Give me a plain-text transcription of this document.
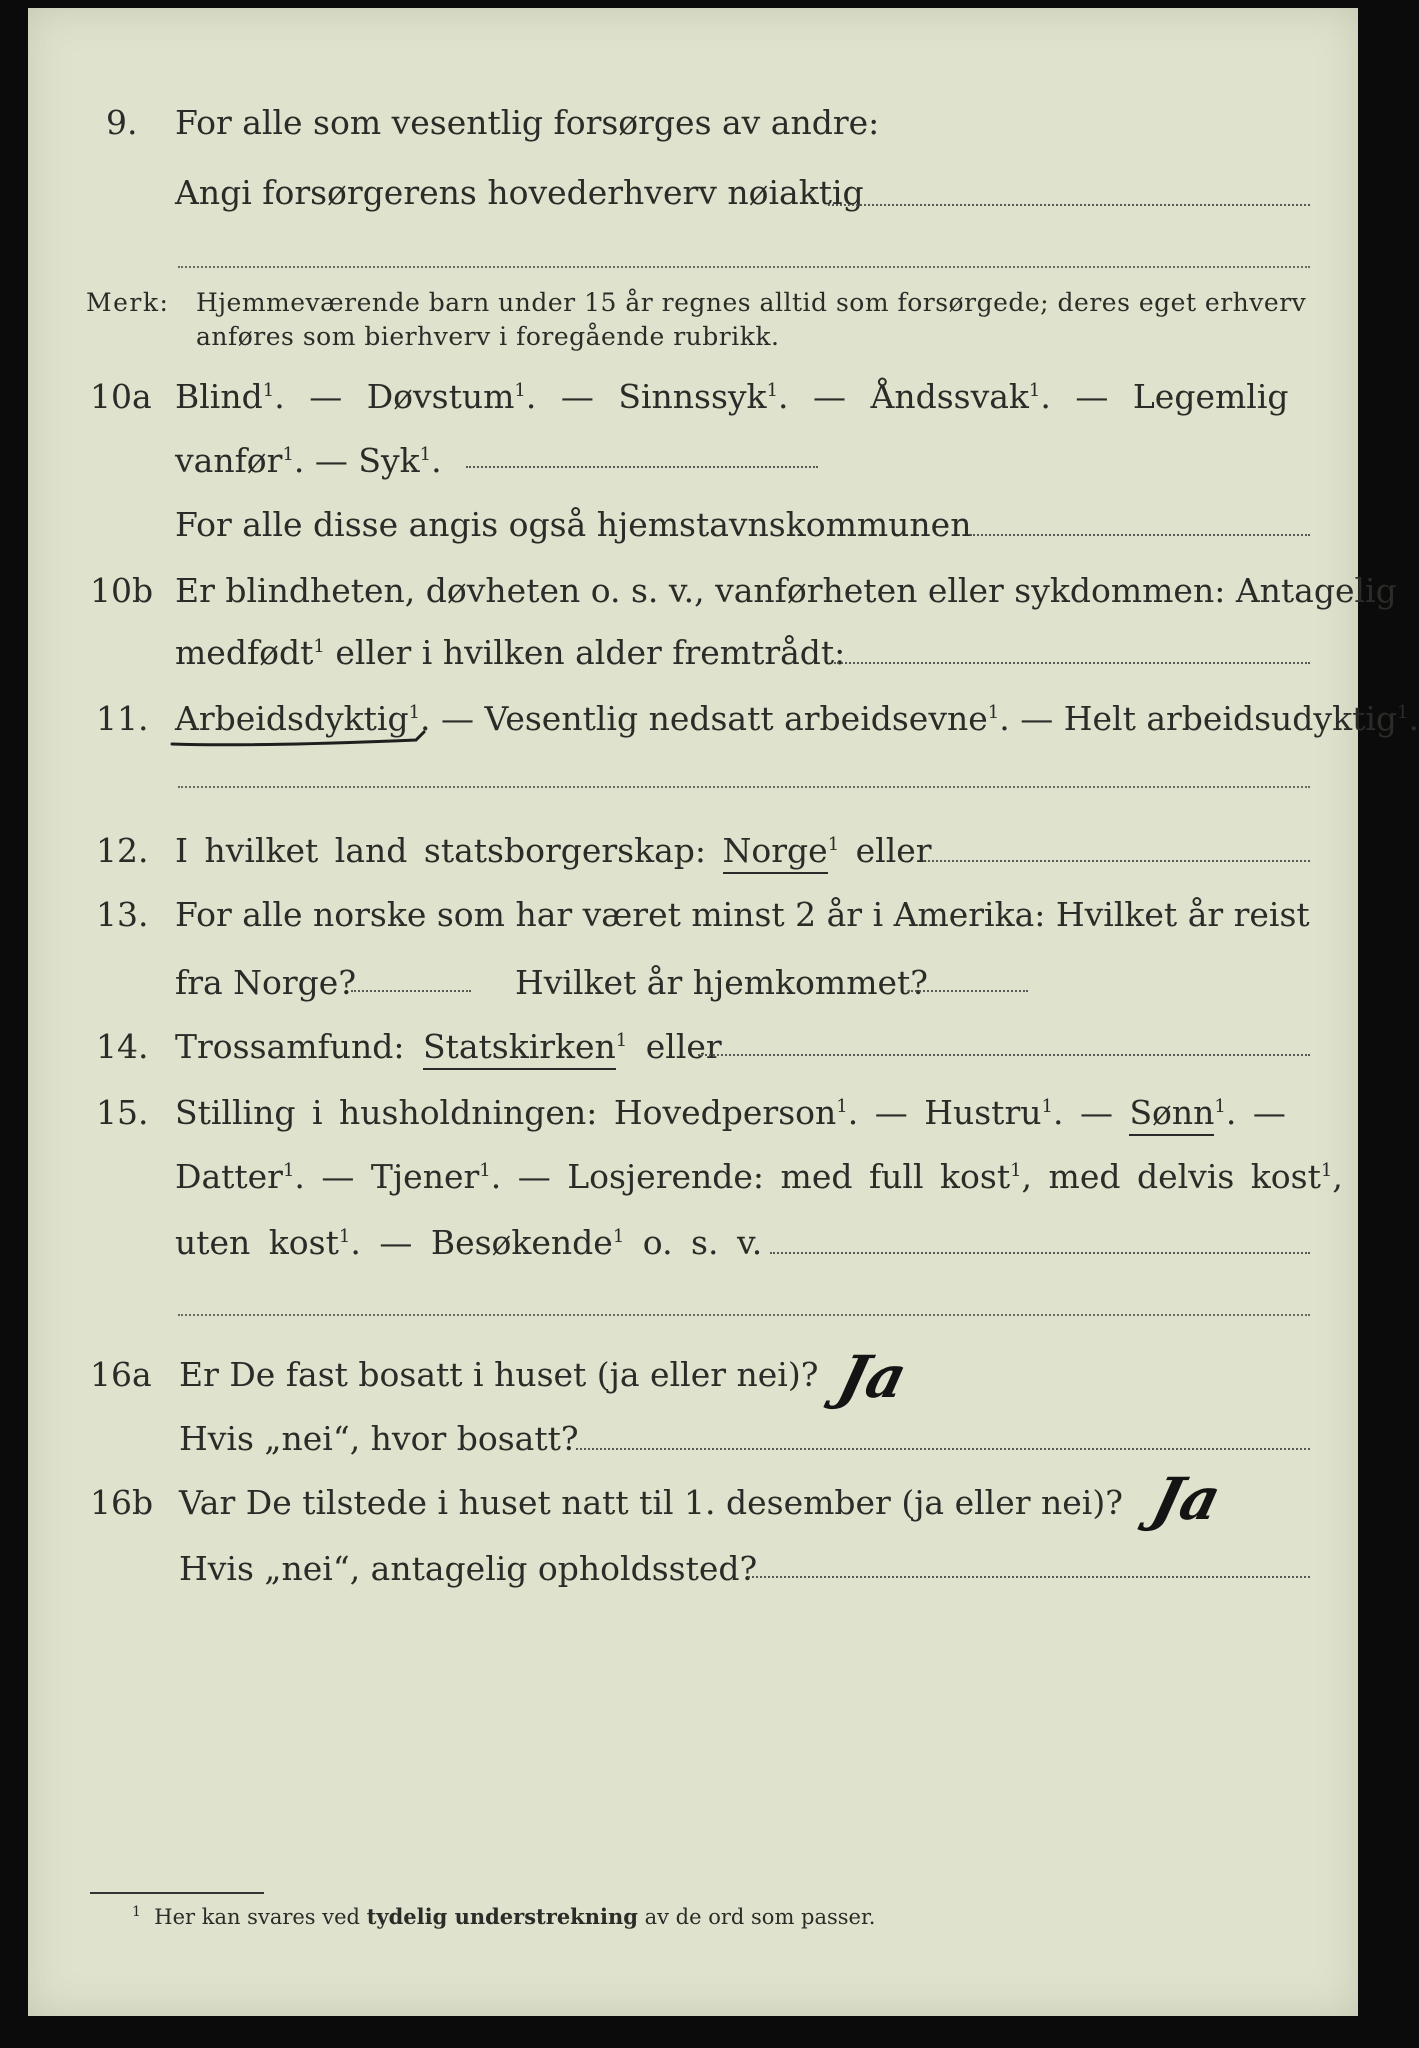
9. For alle som vesentlig forsørges av andre:
Angi forsørgerens hovederhverv nøiaktig
Merk: Hjemmeværende barn under 15 år regnes alltid som forsørgede; deres eget erhverv
anføres som bierhverv i foregående rubrikk.
10a Blind$^1$. — Døvstum$^1$. — Sinnssyk$^1$. — Åndssvak$^1$. — Legemlig
vanfør$^1$. — Syk$^1$.
For alle disse angis også hjemstavnskommunen
10b Er blindheten, døvheten o. s. v., vanførheten eller sykdommen: Antagelig
medfødt$^1$ eller i hvilken alder fremtrådt:
11. Arbeidsdyktig$^1$. — Vesentlig nedsatt arbeidsevne$^1$. — Helt arbeidsudyktig$^1$.
12. I hvilket land statsborgerskap: Norge$^1$ eller
13. For alle norske som har været minst 2 år i Amerika: Hvilket år reist
fra Norge?	Hvilket år hjemkommet?
14. Trossamfund: Statskirken$^1$ eller
15. Stilling i husholdningen: Hovedperson$^1$. — Hustru$^1$. — Sønn$^1$. —
Datter$^1$. — Tjener$^1$. — Losjerende: med full kost$^1$, med delvis kost$^1$,
uten kost$^1$. — Besøkende$^1$ o. s. v.
16a Er De fast bosatt i huset (ja eller nei)? Ja
Hvis „nei“, hvor bosatt?
16b Var De tilstede i huset natt til 1. desember (ja eller nei)? Ja
Hvis „nei“, antagelig opholdssted?
$^1$ Her kan svares ved tydelig understrekning av de ord som passer.
